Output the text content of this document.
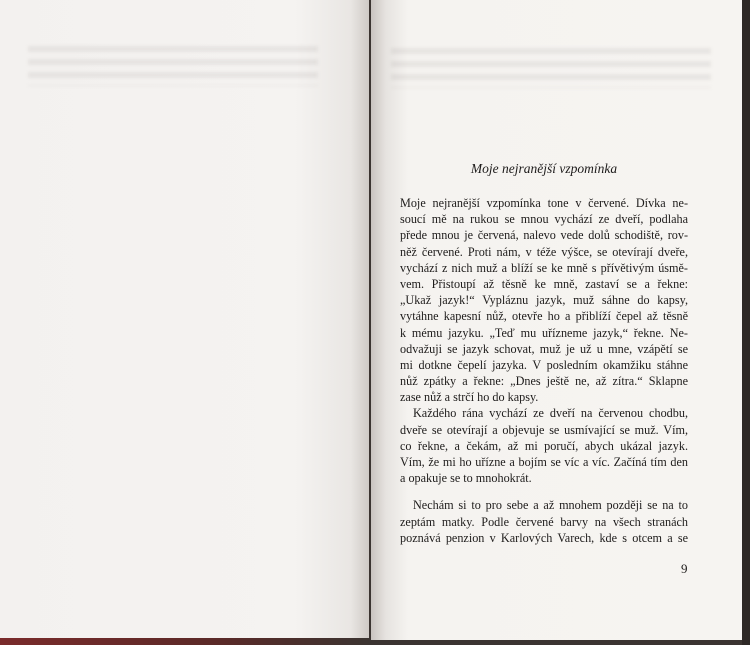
Moje nejranější vzpomínka
Moje nejranější vzpomínka tone v červené. Dívka ne-
soucí mě na rukou se mnou vychází ze dveří, podlaha
přede mnou je červená, nalevo vede dolů schodiště, rov-
něž červené. Proti nám, v téže výšce, se otevírají dveře,
vychází z nich muž a blíží se ke mně s přívětivým úsmě-
vem. Přistoupí až těsně ke mně, zastaví se a řekne:
„Ukaž jazyk!“ Vypláznu jazyk, muž sáhne do kapsy,
vytáhne kapesní nůž, otevře ho a přiblíží čepel až těsně
k mému jazyku. „Teď mu uřízneme jazyk,“ řekne. Ne-
odvažuji se jazyk schovat, muž je už u mne, vzápětí se
mi dotkne čepelí jazyka. V posledním okamžiku stáhne
nůž zpátky a řekne: „Dnes ještě ne, až zítra.“ Sklapne
zase nůž a strčí ho do kapsy.
Každého rána vychází ze dveří na červenou chodbu,
dveře se otevírají a objevuje se usmívající se muž. Vím,
co řekne, a čekám, až mi poručí, abych ukázal jazyk.
Vím, že mi ho uřízne a bojím se víc a víc. Začíná tím den
a opakuje se to mnohokrát.
Nechám si to pro sebe a až mnohem později se na to
zeptám matky. Podle červené barvy na všech stranách
poznává penzion v Karlových Varech, kde s otcem a se
9
